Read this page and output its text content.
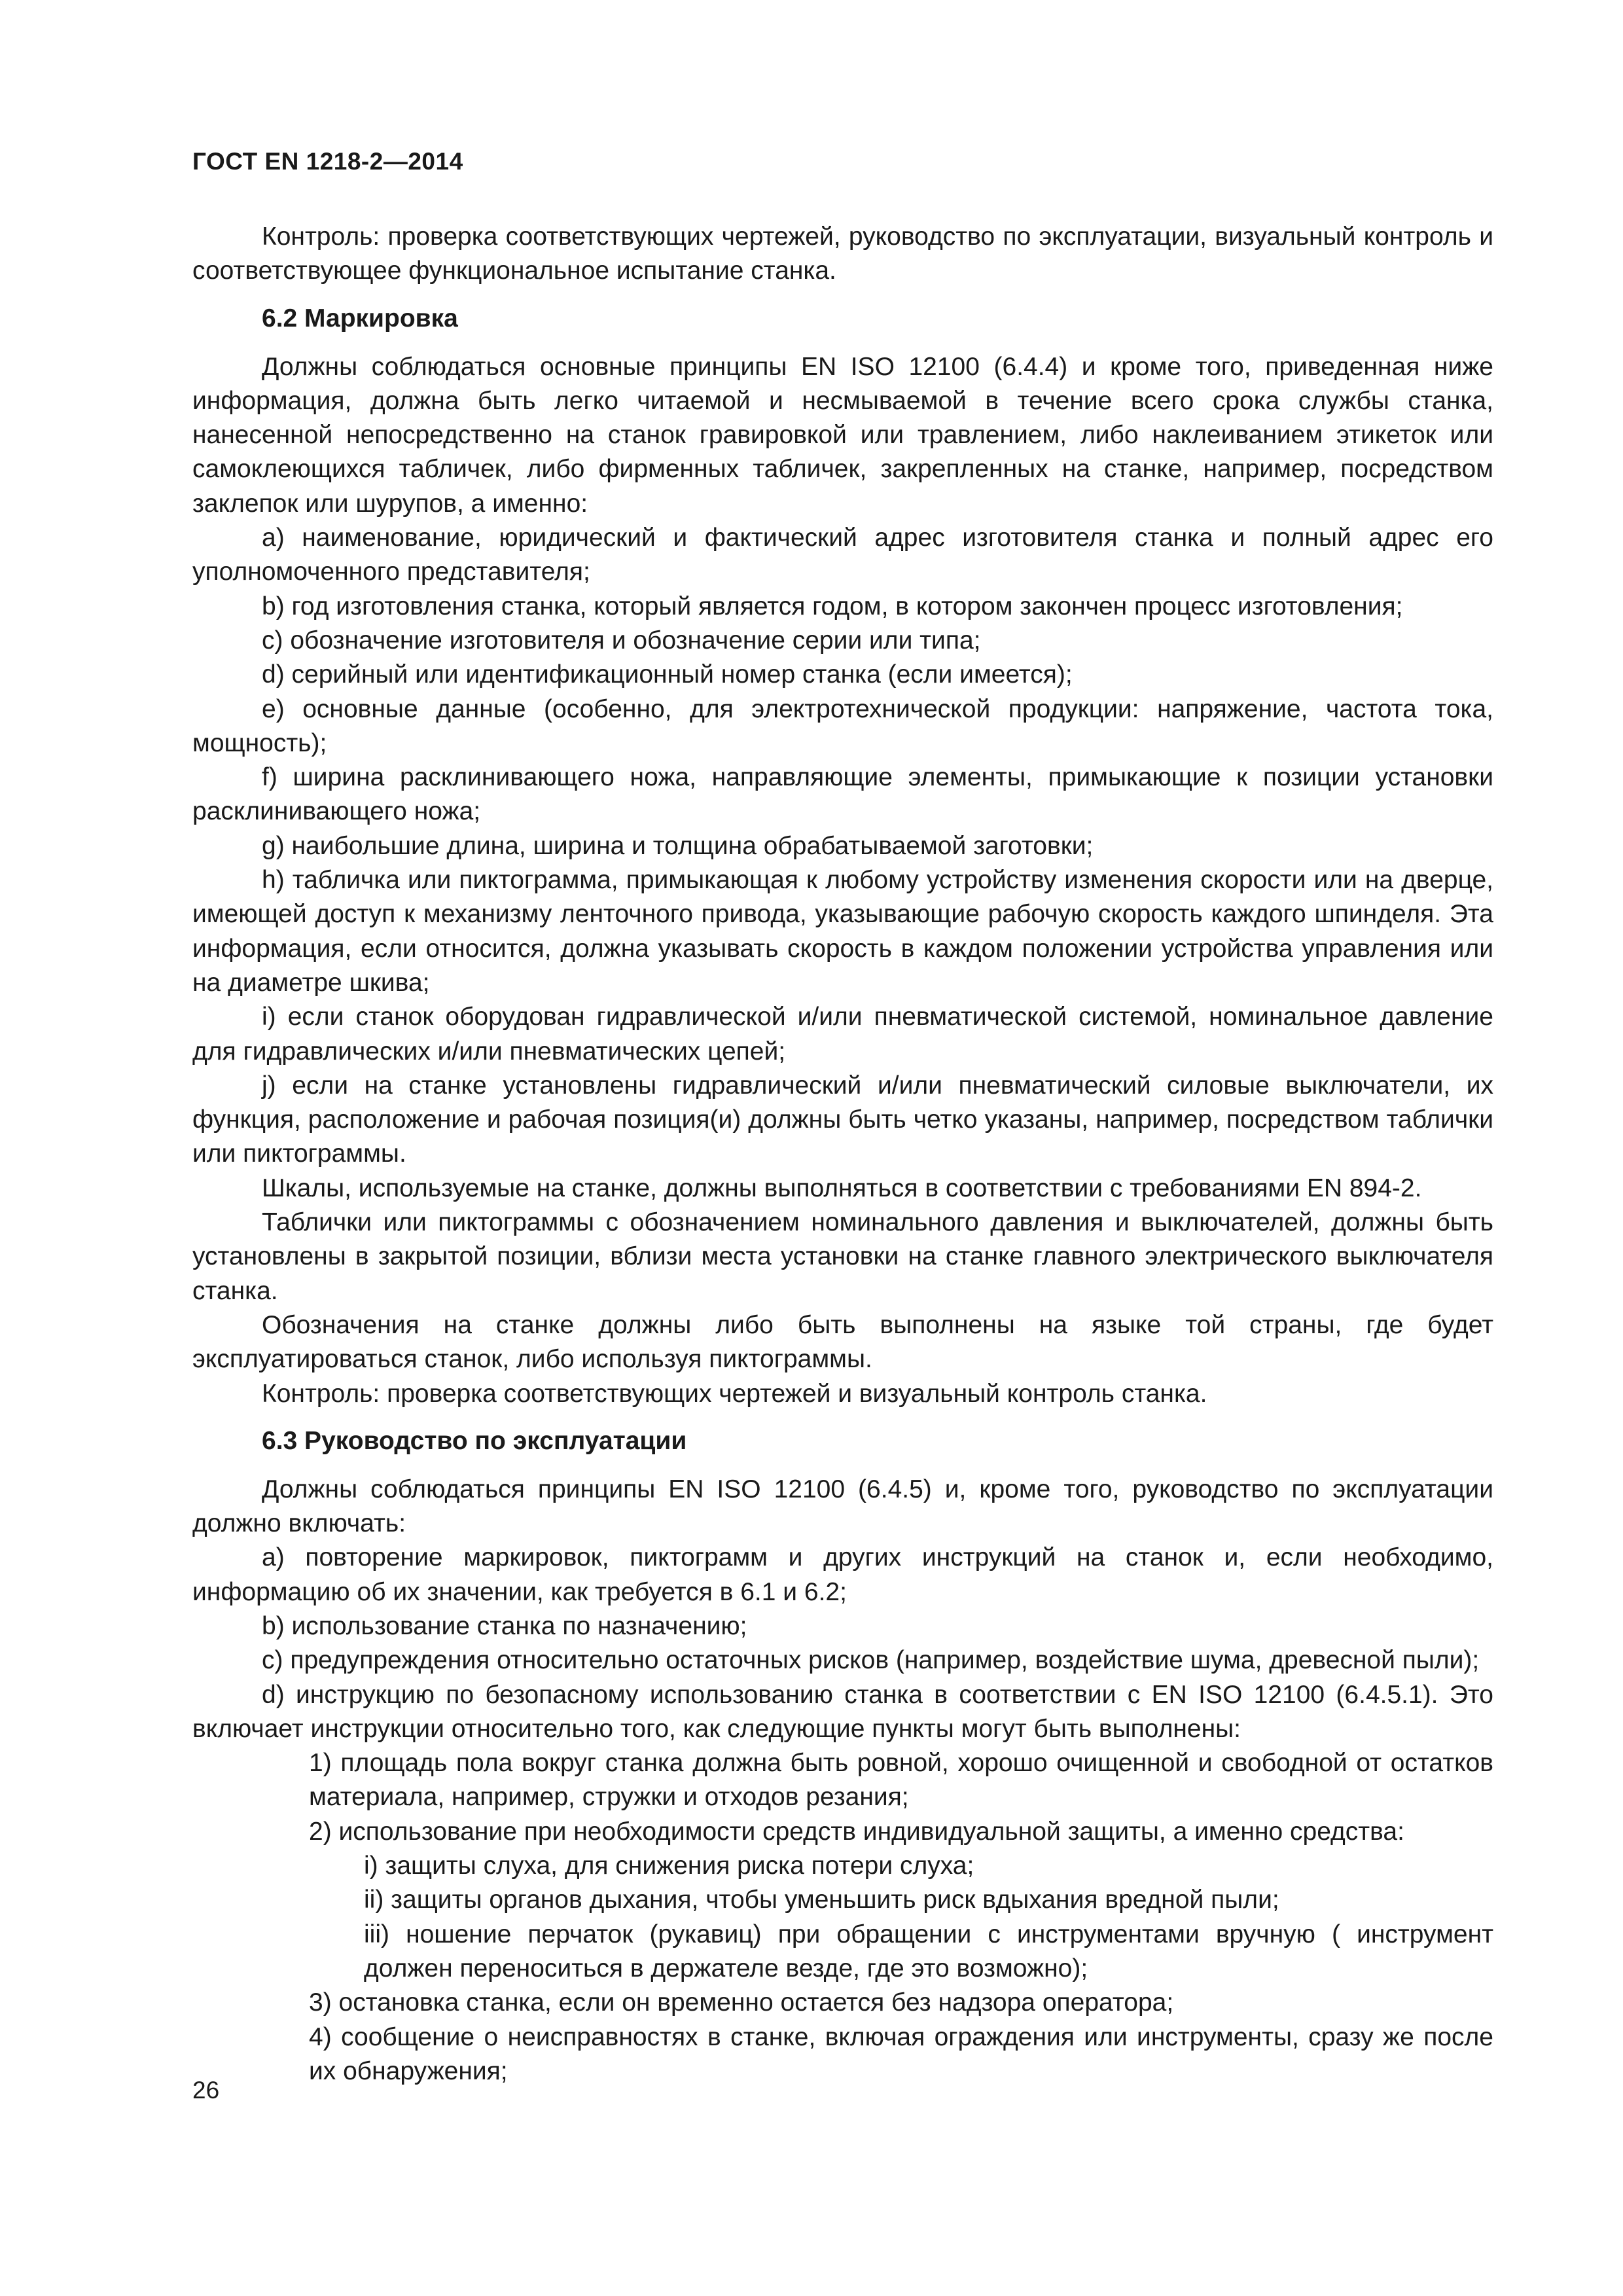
ГОСТ EN 1218-2—2014

Контроль: проверка соответствующих чертежей, руководство по эксплуатации, визуальный контроль и соответствующее функциональное испытание станка.

6.2 Маркировка

Должны соблюдаться основные принципы EN ISO 12100 (6.4.4) и кроме того, приведенная ниже информация, должна быть легко читаемой и несмываемой в течение всего срока службы станка, нанесенной непосредственно на станок гравировкой или травлением, либо наклеиванием этикеток или самоклеющихся табличек, либо фирменных табличек, закрепленных на станке, например, посредством заклепок или шурупов, а именно:

a) наименование, юридический и фактический адрес изготовителя станка и полный адрес его уполномоченного представителя;

b) год изготовления станка, который является годом, в котором закончен процесс изготовления;

c) обозначение изготовителя и обозначение серии или типа;

d) серийный или идентификационный номер станка (если имеется);

e) основные данные (особенно, для электротехнической продукции: напряжение, частота тока, мощность);

f) ширина расклинивающего ножа, направляющие элементы, примыкающие к позиции установки расклинивающего ножа;

g) наибольшие длина, ширина и толщина обрабатываемой заготовки;

h) табличка или пиктограмма, примыкающая к любому устройству изменения скорости или на дверце, имеющей доступ к механизму ленточного привода, указывающие рабочую скорость каждого шпинделя. Эта информация, если относится, должна указывать скорость в каждом положении устройства управления или на диаметре шкива;

i) если станок оборудован гидравлической и/или пневматической системой, номинальное давление для гидравлических и/или пневматических цепей;

j) если на станке установлены гидравлический и/или пневматический силовые выключатели, их функция, расположение и рабочая позиция(и) должны быть четко указаны, например, посредством таблички или пиктограммы.

Шкалы, используемые на станке, должны выполняться в соответствии с требованиями EN 894-2.

Таблички или пиктограммы с обозначением номинального давления и выключателей, должны быть установлены в закрытой позиции, вблизи места установки на станке главного электрического выключателя станка.

Обозначения на станке должны либо быть выполнены на языке той страны, где будет эксплуатироваться станок, либо используя пиктограммы.

Контроль: проверка соответствующих чертежей и визуальный контроль станка.

6.3 Руководство по эксплуатации

Должны соблюдаться принципы EN ISO 12100 (6.4.5) и, кроме того, руководство по эксплуатации должно включать:

a) повторение маркировок, пиктограмм и других инструкций на станок и, если необходимо, информацию об их значении, как требуется в 6.1 и 6.2;

b) использование станка по назначению;

c) предупреждения относительно остаточных рисков (например, воздействие шума, древесной пыли);

d) инструкцию по безопасному использованию станка в соответствии с EN ISO 12100 (6.4.5.1). Это включает инструкции относительно того, как следующие пункты могут быть выполнены:

1) площадь пола вокруг станка должна быть ровной, хорошо очищенной и свободной от остатков материала, например, стружки и отходов резания;

2) использование при необходимости средств индивидуальной защиты, а именно средства:

i) защиты слуха, для снижения риска потери слуха;

ii) защиты органов дыхания, чтобы уменьшить риск вдыхания вредной пыли;

iii) ношение перчаток (рукавиц) при обращении с инструментами вручную ( инструмент должен переноситься в держателе везде, где это возможно);

3) остановка станка, если он временно остается без надзора оператора;

4) сообщение о неисправностях в станке, включая ограждения или инструменты, сразу же после их обнаружения;

26
